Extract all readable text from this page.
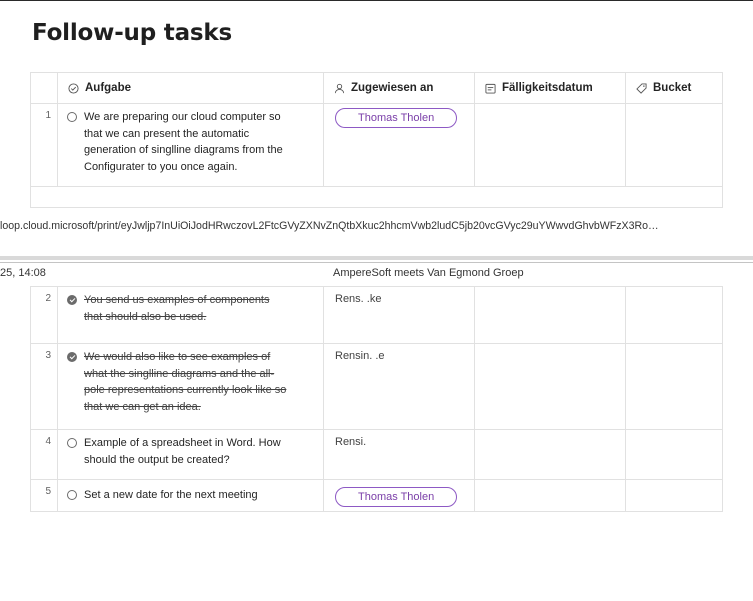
Follow-up tasks

	Aufgabe	Zugewiesen an	Fälligkeitsdatum	Bucket

1	We are preparing our cloud computer so
that we can present the automatic
generation of singlline diagrams from the
Configurater to you once again.	Thomas Tholen		

loop.cloud.microsoft/print/eyJwljp7InUiOiJodHRwczovL2FtcGVyZXNvZnQtbXkuc2hhcmVwb2ludC5jb20vcGVyc29uYWwvdGhvbWFzX3Ro…
25, 14:08	AmpereSoft meets Van Egmond Groep
2	You send us examples of components
that should also be used.	Rens. .ke		

3	We would also like to see examples of
what the singlline diagrams and the all-
pole representations currently look like so
that we can get an idea.	Rensin. .e		

4	Example of a spreadsheet in Word. How
should the output be created?	Rensi.		

5	Set a new date for the next meeting	Thomas Tholen		
